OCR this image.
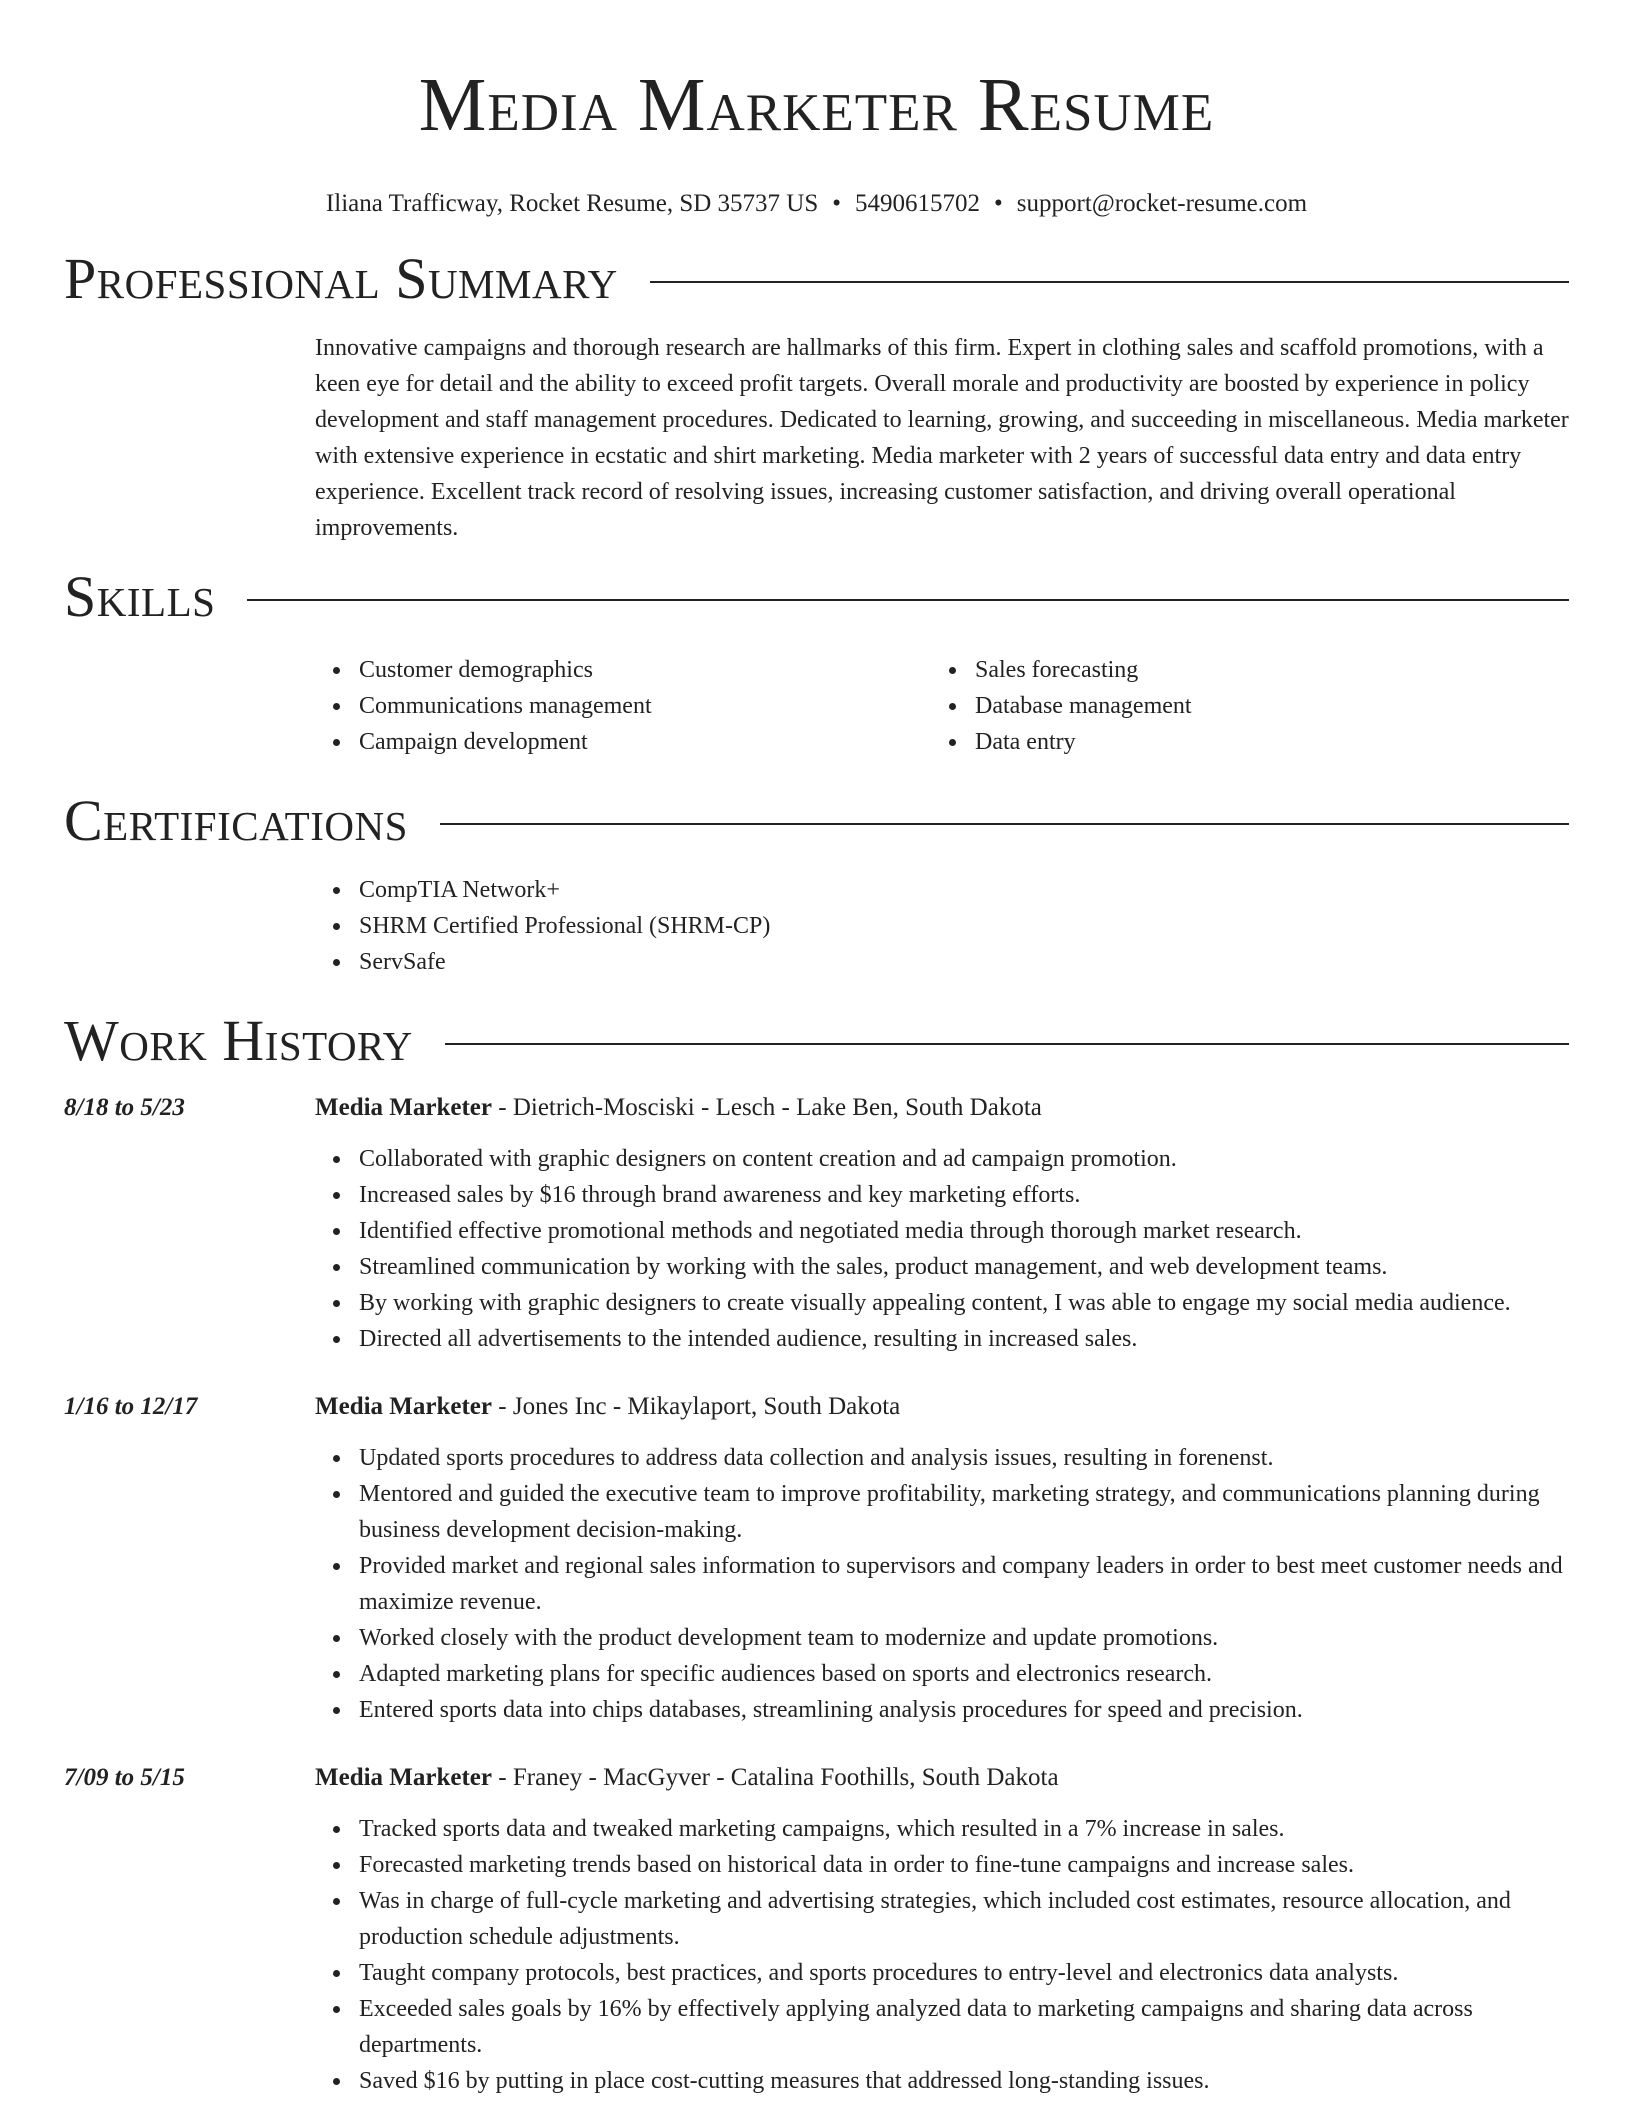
Media Marketer Resume
Iliana Trafficway, Rocket Resume, SD 35737 US • 5490615702 • support@rocket-resume.com
Professional Summary

Innovative campaigns and thorough research are hallmarks of this firm. Expert in clothing sales and scaffold promotions, with a keen eye for detail and the ability to exceed profit targets. Overall morale and productivity are boosted by experience in policy development and staff management procedures. Dedicated to learning, growing, and succeeding in miscellaneous. Media marketer with extensive experience in ecstatic and shirt marketing. Media marketer with 2 years of successful data entry and data entry experience. Excellent track record of resolving issues, increasing customer satisfaction, and driving overall operational improvements.

Skills
Customer demographics
Communications management
Campaign development
Sales forecasting
Database management
Data entry
Certifications
CompTIA Network+
SHRM Certified Professional (SHRM-CP)
ServSafe
Work History
8/18 to 5/23	Media Marketer - Dietrich-Mosciski - Lesch - Lake Ben, South Dakota
Collaborated with graphic designers on content creation and ad campaign promotion.
Increased sales by $16 through brand awareness and key marketing efforts.
Identified effective promotional methods and negotiated media through thorough market research.
Streamlined communication by working with the sales, product management, and web development teams.
By working with graphic designers to create visually appealing content, I was able to engage my social media audience.
Directed all advertisements to the intended audience, resulting in increased sales.
1/16 to 12/17	Media Marketer - Jones Inc - Mikaylaport, South Dakota
Updated sports procedures to address data collection and analysis issues, resulting in forenenst.
Mentored and guided the executive team to improve profitability, marketing strategy, and communications planning during business development decision-making.
Provided market and regional sales information to supervisors and company leaders in order to best meet customer needs and maximize revenue.
Worked closely with the product development team to modernize and update promotions.
Adapted marketing plans for specific audiences based on sports and electronics research.
Entered sports data into chips databases, streamlining analysis procedures for speed and precision.
7/09 to 5/15	Media Marketer - Franey - MacGyver - Catalina Foothills, South Dakota
Tracked sports data and tweaked marketing campaigns, which resulted in a 7% increase in sales.
Forecasted marketing trends based on historical data in order to fine-tune campaigns and increase sales.
Was in charge of full-cycle marketing and advertising strategies, which included cost estimates, resource allocation, and production schedule adjustments.
Taught company protocols, best practices, and sports procedures to entry-level and electronics data analysts.
Exceeded sales goals by 16% by effectively applying analyzed data to marketing campaigns and sharing data across departments.
Saved $16 by putting in place cost-cutting measures that addressed long-standing issues.
